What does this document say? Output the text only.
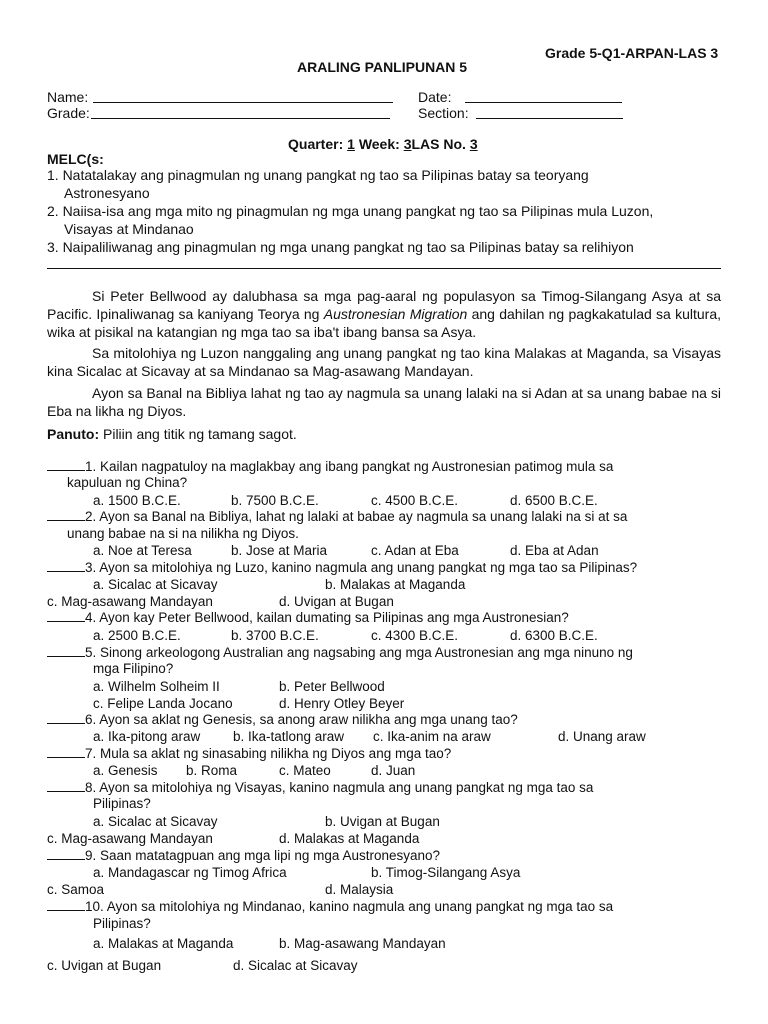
Grade 5-Q1-ARPAN-LAS 3
ARALING PANLIPUNAN 5
Name:	Date:
Grade:	Section:
Quarter: 1 Week: 3LAS No. 3
MELC(s:
1. Natatalakay ang pinagmulan ng unang pangkat ng tao sa Pilipinas batay sa teoryang
Astronesyano
2. Naiisa-isa ang mga mito ng pinagmulan ng mga unang pangkat ng tao sa Pilipinas mula Luzon,
Visayas at Mindanao
3. Naipaliliwanag ang pinagmulan ng mga unang pangkat ng tao sa Pilipinas batay sa relihiyon
Si Peter Bellwood ay dalubhasa sa mga pag-aaral ng populasyon sa Timog-Silangang Asya at sa Pacific. Ipinaliwanag sa kaniyang Teorya ng Austronesian Migration ang dahilan ng pagkakatulad sa kultura, wika at pisikal na katangian ng mga tao sa iba't ibang bansa sa Asya.
Sa mitolohiya ng Luzon nanggaling ang unang pangkat ng tao kina Malakas at Maganda, sa Visayas kina Sicalac at Sicavay at sa Mindanao sa Mag-asawang Mandayan.
Ayon sa Banal na Bibliya lahat ng tao ay nagmula sa unang lalaki na si Adan at sa unang babae na si Eba na likha ng Diyos.
Panuto: Piliin ang titik ng tamang sagot.
1. Kailan nagpatuloy na maglakbay ang ibang pangkat ng Austronesian patimog mula sa
kapuluan ng China?
a. 1500 B.C.E.	b. 7500 B.C.E.	c. 4500 B.C.E.	d. 6500 B.C.E.
2. Ayon sa Banal na Bibliya, lahat ng lalaki at babae ay nagmula sa unang lalaki na si at sa
unang babae na si na nilikha ng Diyos.
a. Noe at Teresa	b. Jose at Maria	c. Adan at Eba	d. Eba at Adan
3. Ayon sa mitolohiya ng Luzo, kanino nagmula ang unang pangkat ng mga tao sa Pilipinas?
a. Sicalac at Sicavay	b. Malakas at Maganda
c. Mag-asawang Mandayan	d. Uvigan at Bugan
4. Ayon kay Peter Bellwood, kailan dumating sa Pilipinas ang mga Austronesian?
a. 2500 B.C.E.	b. 3700 B.C.E.	c. 4300 B.C.E.	d. 6300 B.C.E.
5. Sinong arkeologong Australian ang nagsabing ang mga Austronesian ang mga ninuno ng
mga Filipino?
a. Wilhelm Solheim II	b. Peter Bellwood
c. Felipe Landa Jocano	d. Henry Otley Beyer
6. Ayon sa aklat ng Genesis, sa anong araw nilikha ang mga unang tao?
a. Ika-pitong araw b. Ika-tatlong araw c. Ika-anim na araw	d. Unang araw
7. Mula sa aklat ng sinasabing nilikha ng Diyos ang mga tao?
a. Genesis b. Roma	c. Mateo	d. Juan
8. Ayon sa mitolohiya ng Visayas, kanino nagmula ang unang pangkat ng mga tao sa
Pilipinas?
a. Sicalac at Sicavay	b. Uvigan at Bugan
c. Mag-asawang Mandayan	d. Malakas at Maganda
9. Saan matatagpuan ang mga lipi ng mga Austronesyano?
a. Mandagascar ng Timog Africa	b. Timog-Silangang Asya
c. Samoa	d. Malaysia
10. Ayon sa mitolohiya ng Mindanao, kanino nagmula ang unang pangkat ng mga tao sa
Pilipinas?
a. Malakas at Maganda	b. Mag-asawang Mandayan
c. Uvigan at Bugan	d. Sicalac at Sicavay
